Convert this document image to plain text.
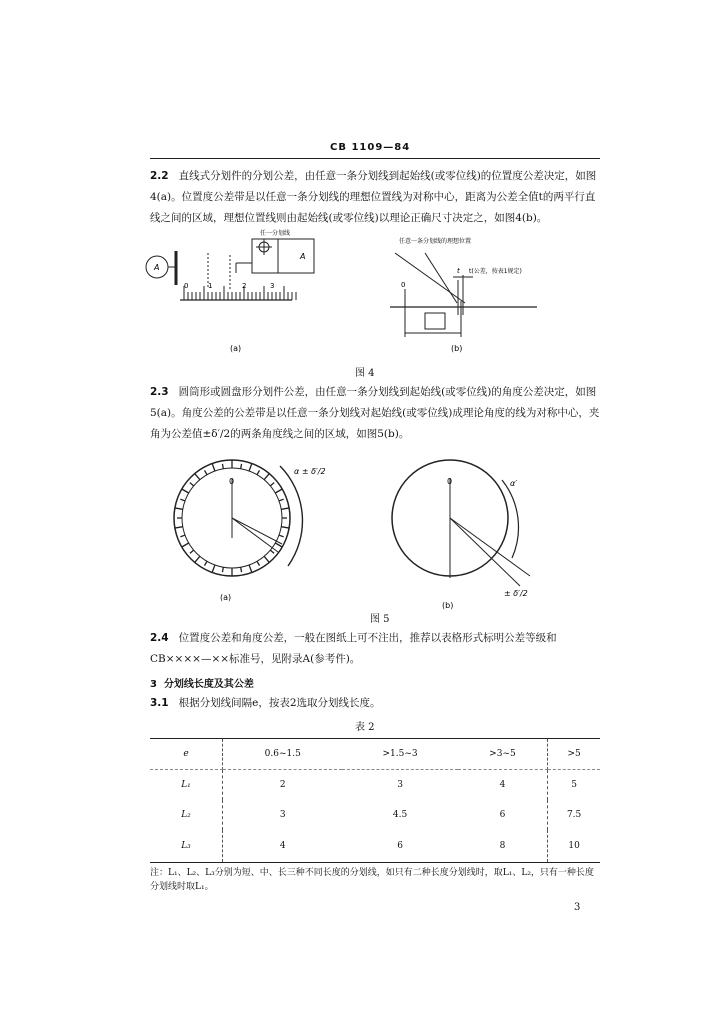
CB 1109—84
2.2 直线式分划件的分划公差，由任意一条分划线到起始线(或零位线)的位置度公差决定，如图4(a)。位置度公差带是以任意一条分划线的理想位置线为对称中心，距离为公差全值t的两平行直线之间的区域，理想位置线则由起始线(或零位线)以理论正确尺寸决定之，如图4(b)。
任一分划线
A
A
0	1	2	3
(a)
任意一条分划线的理想位置
t(公差，按表1规定)
t
0
(b)
图 4
2.3 圆筒形或圆盘形分划件公差，由任意一条分划线到起始线(或零位线)的角度公差决定，如图5(a)。角度公差的公差带是以任意一条分划线对起始线(或零位线)成理论角度的线为对称中心，夹角为公差值±δ′/2的两条角度线之间的区域，如图5(b)。
0
α ± δ′/2
(a)
0	α′
± δ′/2
(b)
图 5
2.4 位置度公差和角度公差，一般在图纸上可不注出，推荐以表格形式标明公差等级和CB××××—××标准号，见附录A(参考件)。
3 分划线长度及其公差
3.1 根据分划线间隔e，按表2选取分划线长度。
表 2
e	0.6~1.5	>1.5~3	>3~5	>5
L₁	2	3	4	5
L₂	3	4.5	6	7.5
L₃	4	6	8	10
注：L₁、L₂、L₃分别为短、中、长三种不同长度的分划线，如只有二种长度分划线时，取L₁、L₂，只有一种长度分划线时取L₁。
3
